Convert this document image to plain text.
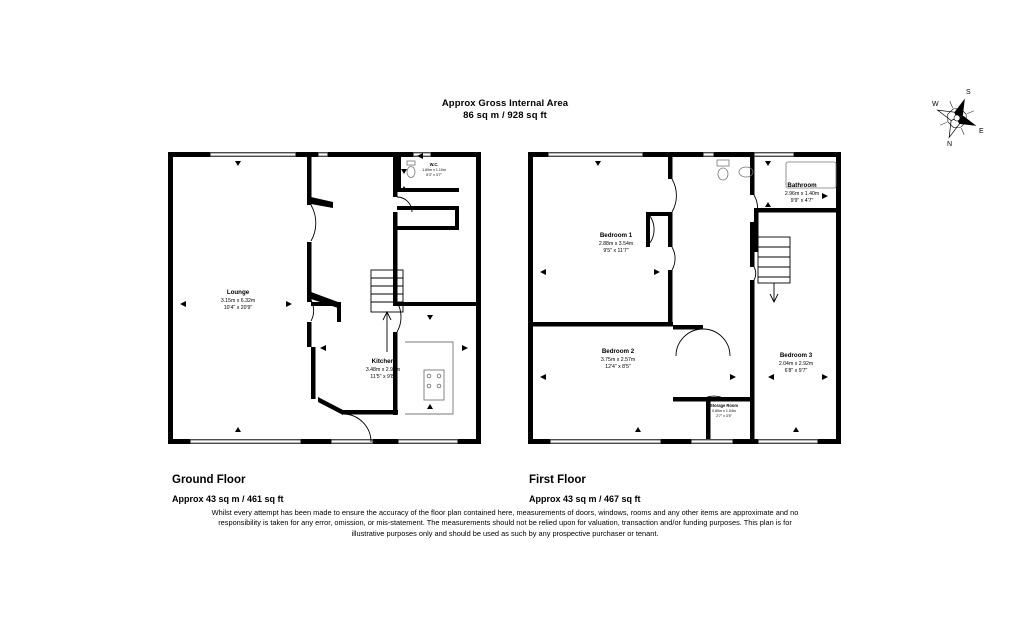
Approx Gross Internal Area
86 sq m / 928 sq ft
S
W
E
N
Lounge
3.15m x 6.32m
10'4" x 20'9"
Kitchen
3.48m x 2.94m
11'5" x 9'8"
W.C.
1.60m x 1.10m
5'3" x 3'7"
Bedroom 1
2.88m x 3.54m
9'5" x 11'7"
Bedroom 2
3.75m x 2.57m
12'4" x 8'5"
Bedroom 3
2.04m x 2.92m
6'8" x 9'7"
Bathroom
2.96m x 1.40m
9'9" x 4'7"
Storage Room
0.80m x 1.04m
2'7" x 3'5"
Ground Floor
Approx 43 sq m / 461 sq ft
First Floor
Approx 43 sq m / 467 sq ft
Whilst every attempt has been made to ensure the accuracy of the floor plan contained here, measurements of doors, windows, rooms and any other items are approximate and no responsibility is taken for any error, omission, or mis-statement. The measurements should not be relied upon for valuation, transaction and/or funding purposes. This plan is for illustrative purposes only and should be used as such by any prospective purchaser or tenant.
